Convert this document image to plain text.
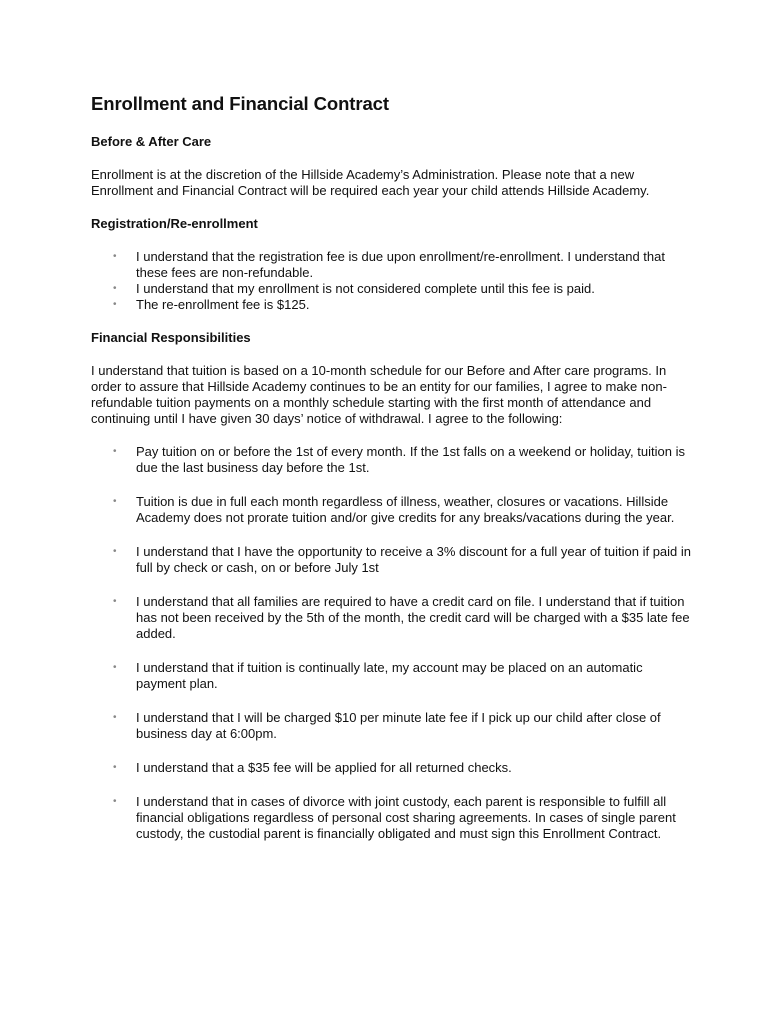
Enrollment and Financial Contract
Before & After Care

Enrollment is at the discretion of the Hillside Academy’s Administration. Please note that a new Enrollment and Financial Contract will be required each year your child attends Hillside Academy.

Registration/Re-enrollment
• I understand that the registration fee is due upon enrollment/re-enrollment. I understand that these fees are non-refundable.
• I understand that my enrollment is not considered complete until this fee is paid.
• The re-enrollment fee is $125.
Financial Responsibilities

I understand that tuition is based on a 10-month schedule for our Before and After care programs. In order to assure that Hillside Academy continues to be an entity for our families, I agree to make non-refundable tuition payments on a monthly schedule starting with the first month of attendance and continuing until I have given 30 days’ notice of withdrawal. I agree to the following:

• Pay tuition on or before the 1st of every month. If the 1st falls on a weekend or holiday, tuition is due the last business day before the 1st.
• Tuition is due in full each month regardless of illness, weather, closures or vacations. Hillside Academy does not prorate tuition and/or give credits for any breaks/vacations during the year.
• I understand that I have the opportunity to receive a 3% discount for a full year of tuition if paid in full by check or cash, on or before July 1st
• I understand that all families are required to have a credit card on file. I understand that if tuition has not been received by the 5th of the month, the credit card will be charged with a $35 late fee added.
• I understand that if tuition is continually late, my account may be placed on an automatic payment plan.
• I understand that I will be charged $10 per minute late fee if I pick up our child after close of business day at 6:00pm.
• I understand that a $35 fee will be applied for all returned checks.
• I understand that in cases of divorce with joint custody, each parent is responsible to fulfill all financial obligations regardless of personal cost sharing agreements. In cases of single parent custody, the custodial parent is financially obligated and must sign this Enrollment Contract.
